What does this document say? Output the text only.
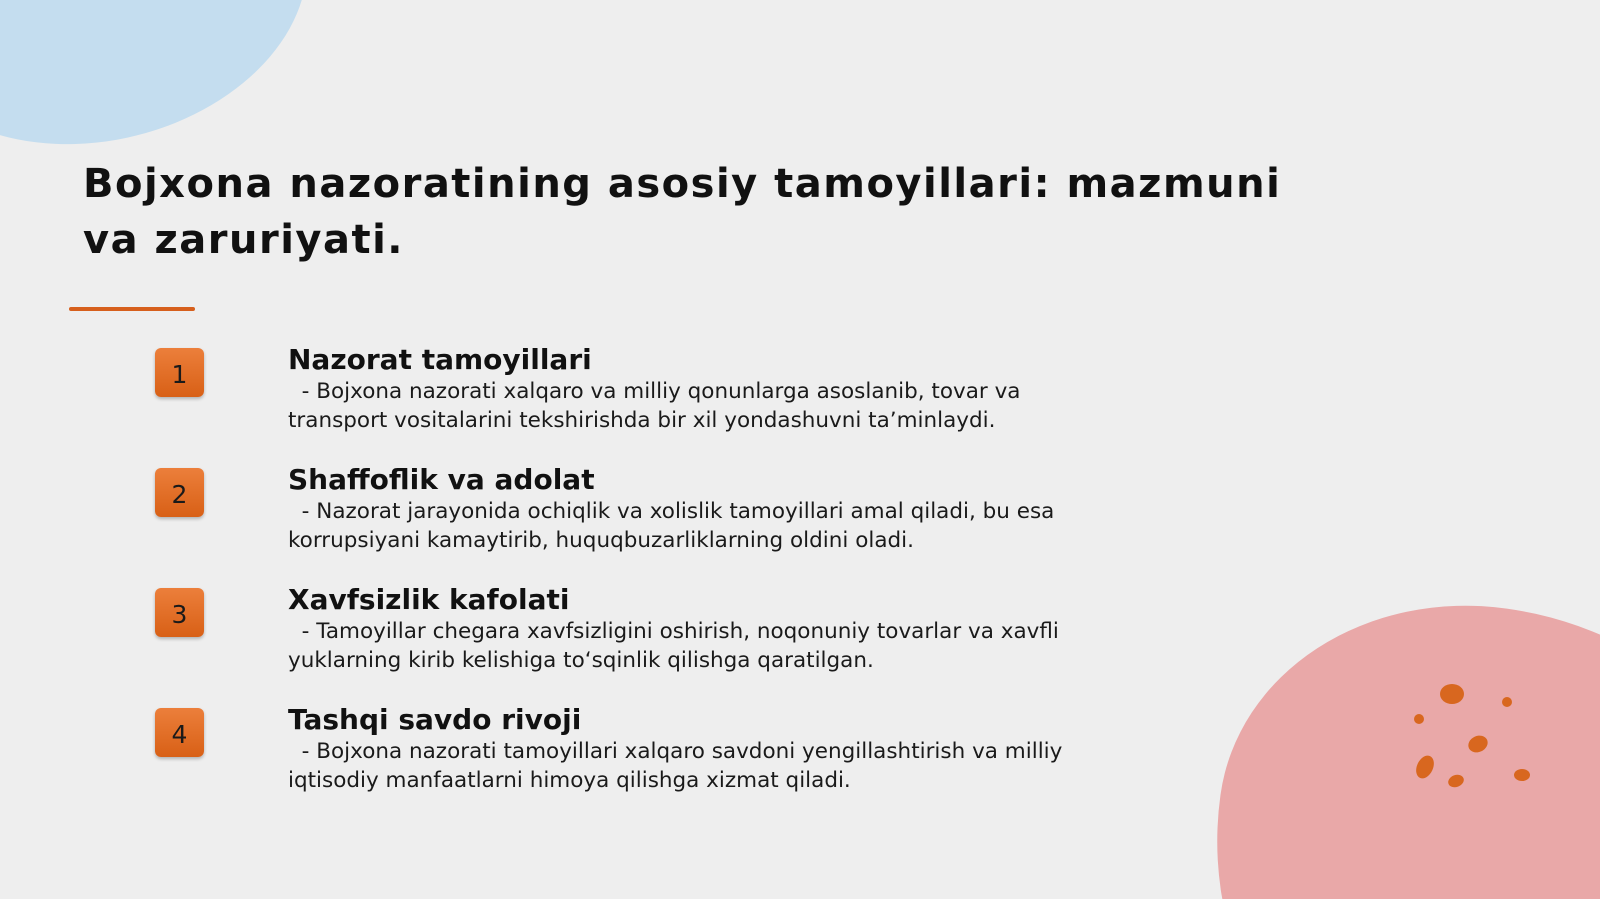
Bojxona nazoratining asosiy tamoyillari: mazmuni va zaruriyati.
1	Nazorat tamoyillari
- Bojxona nazorati xalqaro va milliy qonunlarga asoslanib, tovar va transport vositalarini tekshirishda bir xil yondashuvni taʼminlaydi.
2	Shaffoflik va adolat
- Nazorat jarayonida ochiqlik va xolislik tamoyillari amal qiladi, bu esa korrupsiyani kamaytirib, huquqbuzarliklarning oldini oladi.
3	Xavfsizlik kafolati
- Tamoyillar chegara xavfsizligini oshirish, noqonuniy tovarlar va xavfli yuklarning kirib kelishiga toʻsqinlik qilishga qaratilgan.
4	Tashqi savdo rivoji
- Bojxona nazorati tamoyillari xalqaro savdoni yengillashtirish va milliy iqtisodiy manfaatlarni himoya qilishga xizmat qiladi.
